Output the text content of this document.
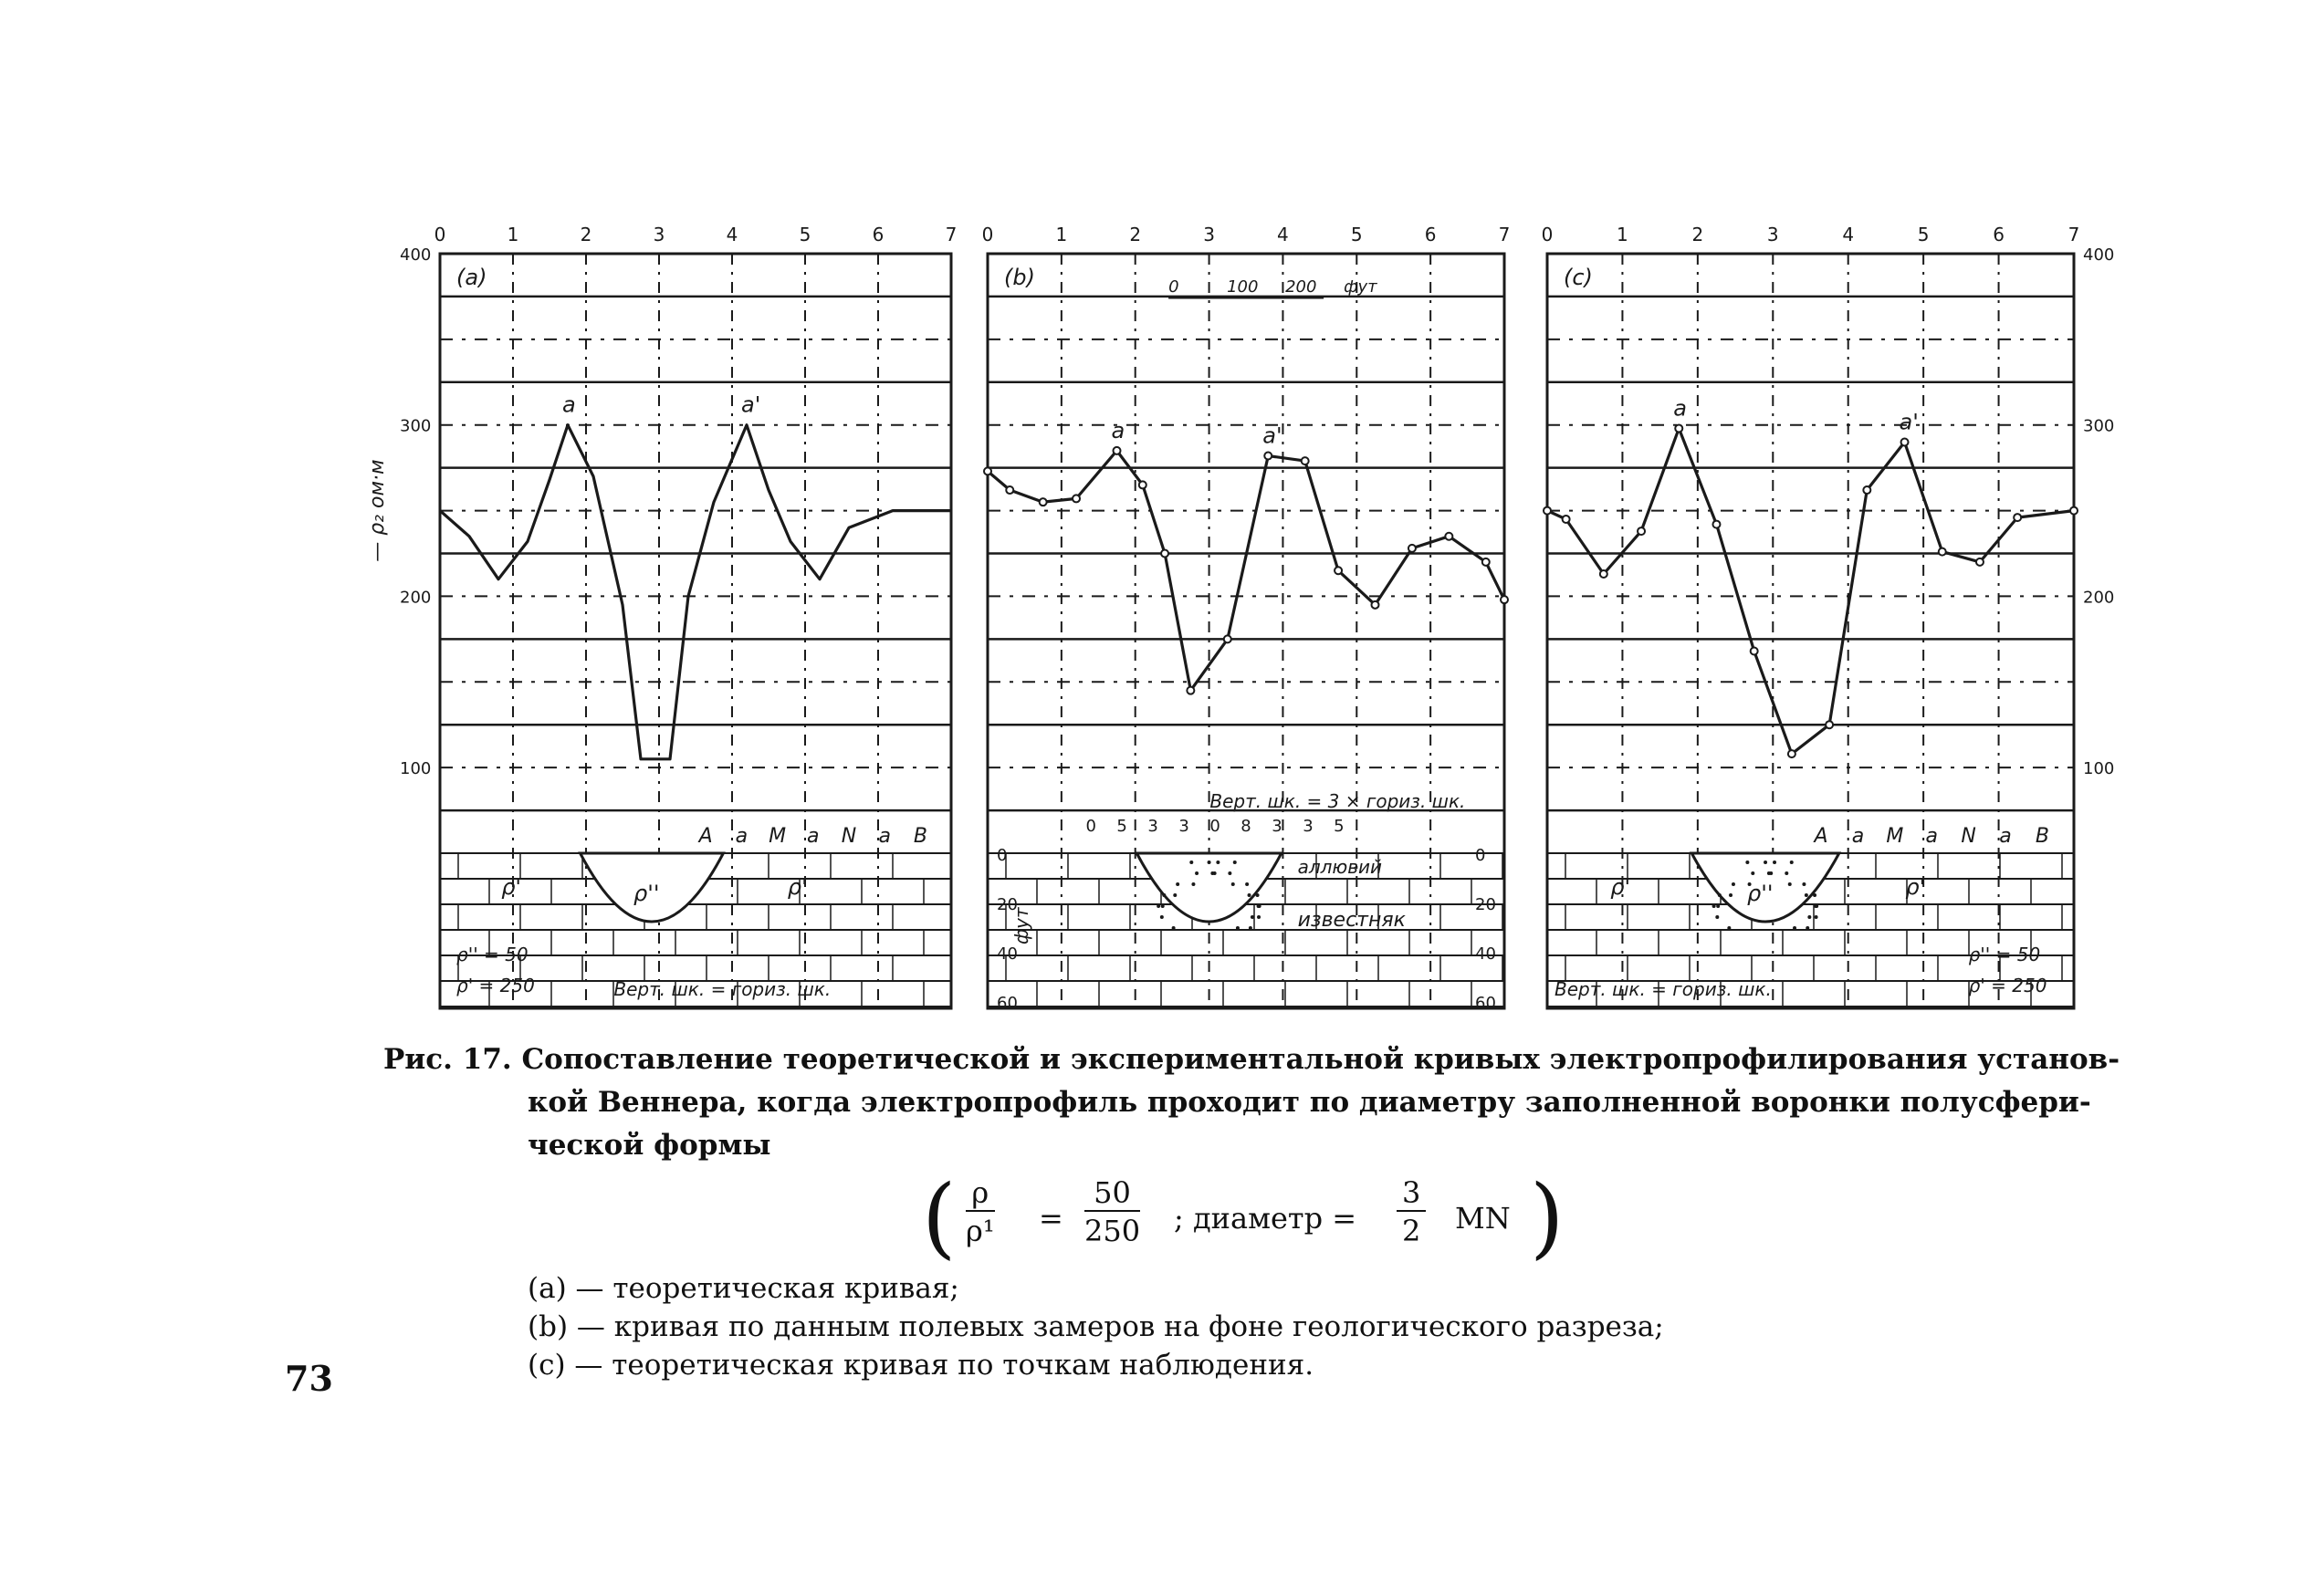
0	1	2	3	4	5	6	7
(a)
a	a'
400
300
200
100
— ρ₂ ом·м
A a M a N a B
ρ'	ρ''	ρ'
ρ'' = 50
ρ' = 250	Верт. шк. = гориз. шк.
0	1	2	3	4	5	6	7
(b)
a	a'
0 5 3 3 0 8 3 3 5
аллювий
известняк
0	0
20	20
40	40
60	60
фут
0	100 200 фут
Верт. шк. = 3 × гориз. шк.
0	1	2	3	4	5	6	7
(c)
a
a'
400
300
200
100
A a M a N a B
ρ'	ρ''	ρ'
ρ'' = 50
ρ' = 250
Верт. шк. = гориз. шк.
Рис. 17. Сопоставление теоретической и экспериментальной кривых электропрофилирования установ-
кой Веннера, когда электропрофиль проходит по диаметру заполненной воронки полусфери-
ческой формы
( $\frac{\rho}{\text{ρ¹}} = \frac{50}{250}$ ; диаметр = $\frac{3}{2}$ MN )
(a) — теоретическая кривая;
(b) — кривая по данным полевых замеров на фоне геологического разреза;
(c) — теоретическая кривая по точкам наблюдения.
73
